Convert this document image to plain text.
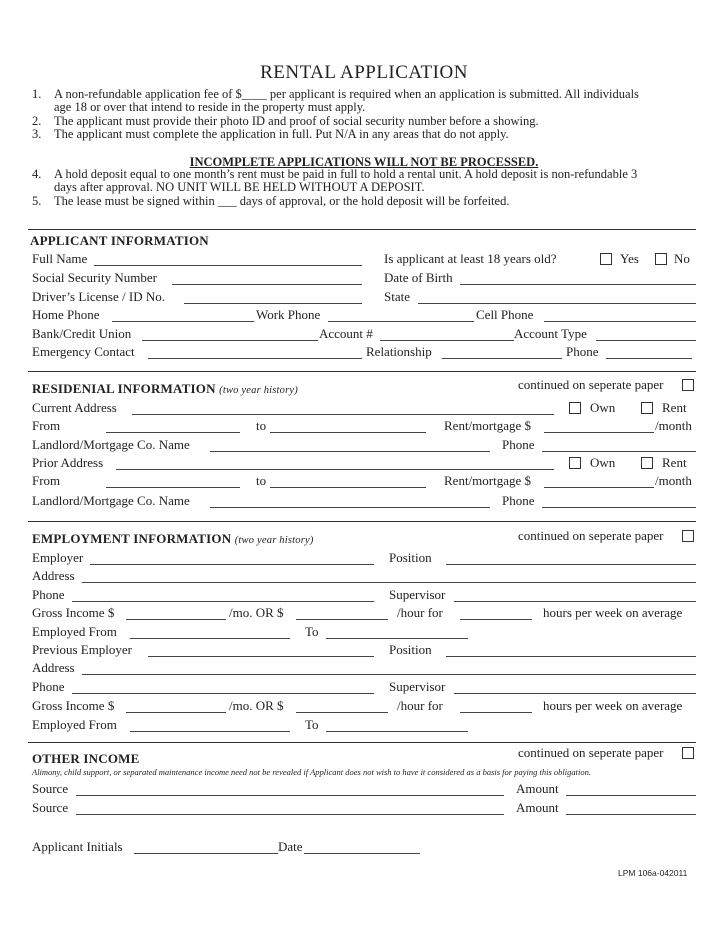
RENTAL APPLICATION
1. A non-refundable application fee of $____ per applicant is required when an application is submitted. All individuals
age 18 or over that intend to reside in the property must apply.
2. The applicant must provide their photo ID and proof of social security number before a showing.
3. The applicant must complete the application in full. Put N/A in any areas that do not apply.
INCOMPLETE APPLICATIONS WILL NOT BE PROCESSED.
4. A hold deposit equal to one month’s rent must be paid in full to hold a rental unit. A hold deposit is non-refundable 3
days after approval. NO UNIT WILL BE HELD WITHOUT A DEPOSIT.
5. The lease must be signed within ___ days of approval, or the hold deposit will be forfeited.
APPLICANT INFORMATION
Full Name	Is applicant at least 18 years old?	Yes	No
Social Security Number	Date of Birth
Driver’s License / ID No.	State
Home Phone	Work Phone	Cell Phone
Bank/Credit Union	Account #	Account Type
Emergency Contact	Relationship	Phone
RESIDENIAL INFORMATION (two year history)	continued on seperate paper
Current Address	Own	Rent
From	to	Rent/mortgage $	/month
Landlord/Mortgage Co. Name	Phone
Prior Address	Own	Rent
From	to	Rent/mortgage $	/month
Landlord/Mortgage Co. Name	Phone
EMPLOYMENT INFORMATION (two year history)	continued on seperate paper
Employer	Position
Address
Phone	Supervisor
Gross Income $	/mo. OR $	/hour for	hours per week on average
Employed From	To
Previous Employer	Position
Address
Phone	Supervisor
Gross Income $	/mo. OR $	/hour for	hours per week on average
Employed From	To
OTHER INCOME	continued on seperate paper
Alimony, child support, or separated maintenance income need not be revealed if Applicant does not wish to have it considered as a basis for paying this obligation.
Source	Amount
Source	Amount
Applicant Initials	Date
LPM 106a-042011
